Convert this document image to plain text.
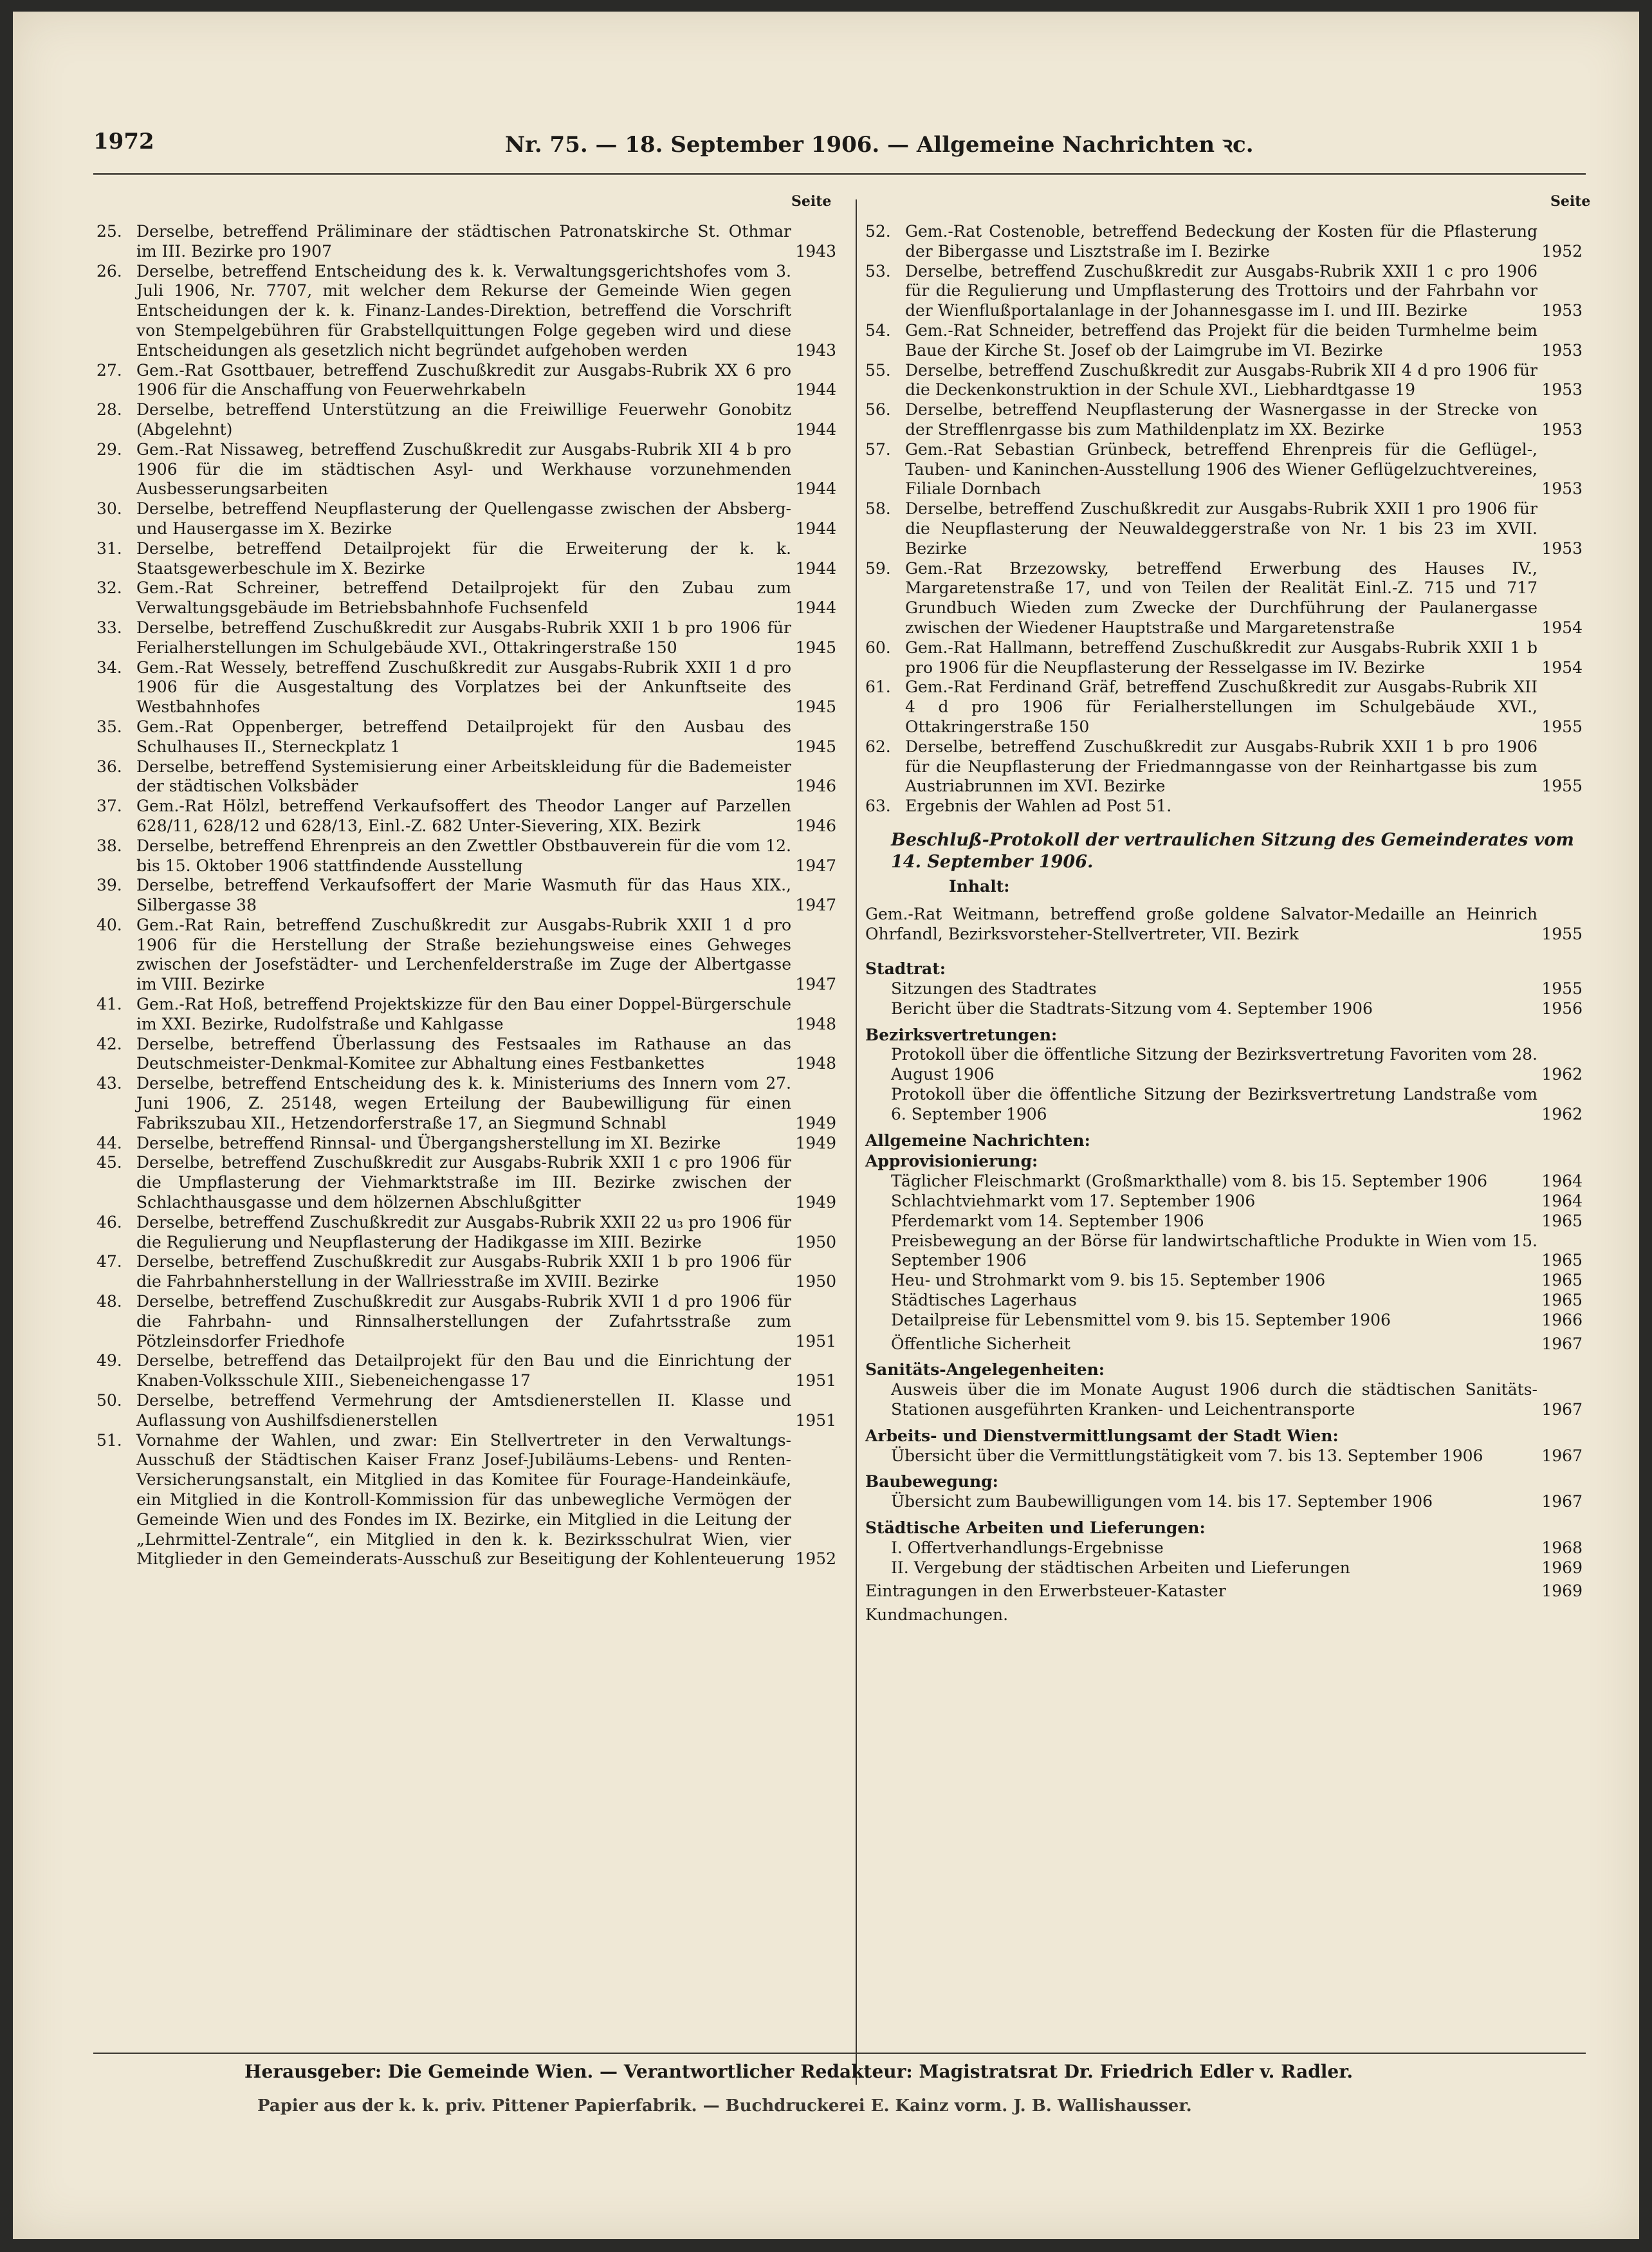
1972	Nr. 75. — 18. September 1906. — Allgemeine Nachrichten ꝛc.
Seite	Seite
25. Derselbe, betreffend Präliminare der städtischen Patronatskirche St. Othmar im III. Bezirke pro 1907	1943
26. Derselbe, betreffend Entscheidung des k. k. Verwaltungsgerichtshofes vom 3. Juli 1906, Nr. 7707, mit welcher dem Rekurse der Gemeinde Wien gegen Entscheidungen der k. k. Finanz-Landes-Direktion, betreffend die Vorschrift von Stempelgebühren für Grabstellquittungen Folge gegeben wird und diese Entscheidungen als gesetzlich nicht begründet aufgehoben werden	1943
27. Gem.-Rat Gsottbauer, betreffend Zuschußkredit zur Ausgabs-Rubrik XX 6 pro 1906 für die Anschaffung von Feuerwehrkabeln	1944
28. Derselbe, betreffend Unterstützung an die Freiwillige Feuerwehr Gonobitz (Abgelehnt)	1944
29. Gem.-Rat Nissaweg, betreffend Zuschußkredit zur Ausgabs-Rubrik XII 4 b pro 1906 für die im städtischen Asyl- und Werkhause vorzunehmenden Ausbesserungsarbeiten	1944
30. Derselbe, betreffend Neupflasterung der Quellengasse zwischen der Absberg- und Hausergasse im X. Bezirke	1944
31. Derselbe, betreffend Detailprojekt für die Erweiterung der k. k. Staatsgewerbeschule im X. Bezirke	1944
32. Gem.-Rat Schreiner, betreffend Detailprojekt für den Zubau zum Verwaltungsgebäude im Betriebsbahnhofe Fuchsenfeld	1944
33. Derselbe, betreffend Zuschußkredit zur Ausgabs-Rubrik XXII 1 b pro 1906 für Ferialherstellungen im Schulgebäude XVI., Ottakringerstraße 150	1945
34. Gem.-Rat Wessely, betreffend Zuschußkredit zur Ausgabs-Rubrik XXII 1 d pro 1906 für die Ausgestaltung des Vorplatzes bei der Ankunftseite des Westbahnhofes	1945
35. Gem.-Rat Oppenberger, betreffend Detailprojekt für den Ausbau des Schulhauses II., Sterneckplatz 1	1945
36. Derselbe, betreffend Systemisierung einer Arbeitskleidung für die Bademeister der städtischen Volksbäder	1946
37. Gem.-Rat Hölzl, betreffend Verkaufsoffert des Theodor Langer auf Parzellen 628/11, 628/12 und 628/13, Einl.-Z. 682 Unter-Sievering, XIX. Bezirk	1946
38. Derselbe, betreffend Ehrenpreis an den Zwettler Obstbauverein für die vom 12. bis 15. Oktober 1906 stattfindende Ausstellung	1947
39. Derselbe, betreffend Verkaufsoffert der Marie Wasmuth für das Haus XIX., Silbergasse 38	1947
40. Gem.-Rat Rain, betreffend Zuschußkredit zur Ausgabs-Rubrik XXII 1 d pro 1906 für die Herstellung der Straße beziehungsweise eines Gehweges zwischen der Josefstädter- und Lerchenfelderstraße im Zuge der Albertgasse im VIII. Bezirke	1947
41. Gem.-Rat Hoß, betreffend Projektskizze für den Bau einer Doppel-Bürgerschule im XXI. Bezirke, Rudolfstraße und Kahlgasse	1948
42. Derselbe, betreffend Überlassung des Festsaales im Rathause an das Deutschmeister-Denkmal-Komitee zur Abhaltung eines Festbankettes	1948
43. Derselbe, betreffend Entscheidung des k. k. Ministeriums des Innern vom 27. Juni 1906, Z. 25148, wegen Erteilung der Baubewilligung für einen Fabrikszubau XII., Hetzendorferstraße 17, an Siegmund Schnabl	1949
44. Derselbe, betreffend Rinnsal- und Übergangsherstellung im XI. Bezirke	1949
45. Derselbe, betreffend Zuschußkredit zur Ausgabs-Rubrik XXII 1 c pro 1906 für die Umpflasterung der Viehmarktstraße im III. Bezirke zwischen der Schlachthausgasse und dem hölzernen Abschlußgitter	1949
46. Derselbe, betreffend Zuschußkredit zur Ausgabs-Rubrik XXII 22 u₃ pro 1906 für die Regulierung und Neupflasterung der Hadikgasse im XIII. Bezirke	1950
47. Derselbe, betreffend Zuschußkredit zur Ausgabs-Rubrik XXII 1 b pro 1906 für die Fahrbahnherstellung in der Wallriesstraße im XVIII. Bezirke	1950
48. Derselbe, betreffend Zuschußkredit zur Ausgabs-Rubrik XVII 1 d pro 1906 für die Fahrbahn- und Rinnsalherstellungen der Zufahrtsstraße zum Pötzleinsdorfer Friedhofe	1951
49. Derselbe, betreffend das Detailprojekt für den Bau und die Einrichtung der Knaben-Volksschule XIII., Siebeneichengasse 17	1951
50. Derselbe, betreffend Vermehrung der Amtsdienerstellen II. Klasse und Auflassung von Aushilfsdienerstellen	1951
51. Vornahme der Wahlen, und zwar: Ein Stellvertreter in den Verwaltungs-Ausschuß der Städtischen Kaiser Franz Josef-Jubiläums-Lebens- und Renten-Versicherungsanstalt, ein Mitglied in das Komitee für Fourage-Handeinkäufe, ein Mitglied in die Kontroll-Kommission für das unbewegliche Vermögen der Gemeinde Wien und des Fondes im IX. Bezirke, ein Mitglied in die Leitung der „Lehrmittel-Zentrale“, ein Mitglied in den k. k. Bezirksschulrat Wien, vier Mitglieder in den Gemeinderats-Ausschuß zur Beseitigung der Kohlenteuerung 1952
52. Gem.-Rat Costenoble, betreffend Bedeckung der Kosten für die Pflasterung der Bibergasse und Lisztstraße im I. Bezirke	1952
53. Derselbe, betreffend Zuschußkredit zur Ausgabs-Rubrik XXII 1 c pro 1906 für die Regulierung und Umpflasterung des Trottoirs und der Fahrbahn vor der Wienflußportalanlage in der Johannesgasse im I. und III. Bezirke	1953
54. Gem.-Rat Schneider, betreffend das Projekt für die beiden Turmhelme beim Baue der Kirche St. Josef ob der Laimgrube im VI. Bezirke	1953
55. Derselbe, betreffend Zuschußkredit zur Ausgabs-Rubrik XII 4 d pro 1906 für die Deckenkonstruktion in der Schule XVI., Liebhardtgasse 19	1953
56. Derselbe, betreffend Neupflasterung der Wasnergasse in der Strecke von der Strefflenrgasse bis zum Mathildenplatz im XX. Bezirke	1953
57. Gem.-Rat Sebastian Grünbeck, betreffend Ehrenpreis für die Geflügel-, Tauben- und Kaninchen-Ausstellung 1906 des Wiener Geflügelzuchtvereines, Filiale Dornbach	1953
58. Derselbe, betreffend Zuschußkredit zur Ausgabs-Rubrik XXII 1 pro 1906 für die Neupflasterung der Neuwaldeggerstraße von Nr. 1 bis 23 im XVII. Bezirke	1953
59. Gem.-Rat Brzezowsky, betreffend Erwerbung des Hauses IV., Margaretenstraße 17, und von Teilen der Realität Einl.-Z. 715 und 717 Grundbuch Wieden zum Zwecke der Durchführung der Paulanergasse zwischen der Wiedener Hauptstraße und Margaretenstraße	1954
60. Gem.-Rat Hallmann, betreffend Zuschußkredit zur Ausgabs-Rubrik XXII 1 b pro 1906 für die Neupflasterung der Resselgasse im IV. Bezirke	1954
61. Gem.-Rat Ferdinand Gräf, betreffend Zuschußkredit zur Ausgabs-Rubrik XII 4 d pro 1906 für Ferialherstellungen im Schulgebäude XVI., Ottakringerstraße 150	1955
62. Derselbe, betreffend Zuschußkredit zur Ausgabs-Rubrik XXII 1 b pro 1906 für die Neupflasterung der Friedmanngasse von der Reinhartgasse bis zum Austriabrunnen im XVI. Bezirke	1955
63. Ergebnis der Wahlen ad Post 51.
Beschluß-Protokoll der vertraulichen Sitzung des Gemeinderates vom 14. September 1906.
Inhalt:
Gem.-Rat Weitmann, betreffend große goldene Salvator-Medaille an Heinrich Ohrfandl, Bezirksvorsteher-Stellvertreter, VII. Bezirk	1955
Stadtrat:
Sitzungen des Stadtrates	1955
Bericht über die Stadtrats-Sitzung vom 4. September 1906	1956
Bezirksvertretungen:
Protokoll über die öffentliche Sitzung der Bezirksvertretung Favoriten vom 28. August 1906	1962
Protokoll über die öffentliche Sitzung der Bezirksvertretung Landstraße vom 6. September 1906	1962
Allgemeine Nachrichten:
Approvisionierung:
Täglicher Fleischmarkt (Großmarkthalle) vom 8. bis 15. September 1906	1964
Schlachtviehmarkt vom 17. September 1906	1964
Pferdemarkt vom 14. September 1906	1965
Preisbewegung an der Börse für landwirtschaftliche Produkte in Wien vom 15. September 1906	1965
Heu- und Strohmarkt vom 9. bis 15. September 1906	1965
Städtisches Lagerhaus	1965
Detailpreise für Lebensmittel vom 9. bis 15. September 1906	1966
Öffentliche Sicherheit	1967
Sanitäts-Angelegenheiten:
Ausweis über die im Monate August 1906 durch die städtischen Sanitäts-Stationen ausgeführten Kranken- und Leichentransporte	1967
Arbeits- und Dienstvermittlungsamt der Stadt Wien:
Übersicht über die Vermittlungstätigkeit vom 7. bis 13. September 1906	1967
Baubewegung:
Übersicht zum Baubewilligungen vom 14. bis 17. September 1906	1967
Städtische Arbeiten und Lieferungen:
I. Offertverhandlungs-Ergebnisse	1968
II. Vergebung der städtischen Arbeiten und Lieferungen	1969
Eintragungen in den Erwerbsteuer-Kataster	1969
Kundmachungen.
Herausgeber: Die Gemeinde Wien. — Verantwortlicher Redakteur: Magistratsrat Dr. Friedrich Edler v. Radler.
Papier aus der k. k. priv. Pittener Papierfabrik. — Buchdruckerei E. Kainz vorm. J. B. Wallishausser.
